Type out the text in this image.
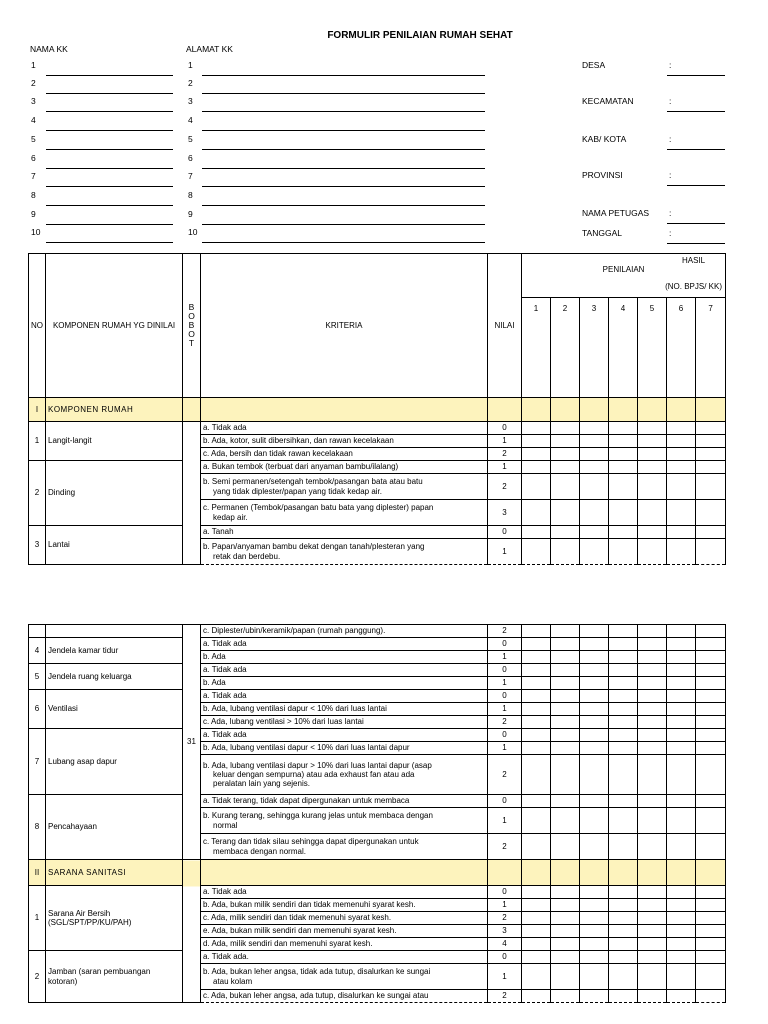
FORMULIR PENILAIAN RUMAH SEHAT
NAMA KK	ALAMAT KK
1	1
2	2
3	3
4	4
5	5
6	6
7	7
8	8
9	9
10	10
DESA	:
KECAMATAN	:
KAB/ KOTA	:
PROVINSI	:
NAMA PETUGAS :
TANGGAL	:
NO	KOMPONEN RUMAH YG DINILAI	BOBOT	KRITERIA	NILAI	HASIL PENILAIAN						
					(NO. BPJS/ KK)						
					1	2	3	4	5	6	7
I	KOMPONEN RUMAH										
1	Langit-langit		a. Tidak ada	0							

			b. Ada, kotor, sulit dibersihkan, dan rawan kecelakaan	1							

			c. Ada, bersih dan tidak rawan kecelakaan	2							
2	Dinding		a. Bukan tembok (terbuat dari anyaman bambu/ilalang)	1							

			b. Semi permanen/setengah tembok/pasangan bata atau batu
yang tidak diplester/papan yang tidak kedap air.	2							

			c. Permanen (Tembok/pasangan batu bata yang diplester) papan
kedap air.	3							
3	Lantai		a. Tanah	0							

			b. Papan/anyaman bambu dekat dengan tanah/plesteran yang
retak dan berdebu.	1							
		31	c. Diplester/ubin/keramik/papan (rumah panggung).	2							
4	Jendela kamar tidur		a. Tidak ada	0							

			b. Ada	1							
5	Jendela ruang keluarga		a. Tidak ada	0							

			b. Ada	1							
6	Ventilasi		a. Tidak ada	0							

			b. Ada, lubang ventilasi dapur < 10% dari luas lantai	1							

			c. Ada, lubang ventilasi > 10% dari luas lantai	2							
7	Lubang asap dapur		a. Tidak ada	0							

			b. Ada, lubang ventilasi dapur < 10% dari luas lantai dapur	1							

			b. Ada, lubang ventilasi dapur > 10% dari luas lantai dapur (asap
keluar dengan sempurna) atau ada exhaust fan atau ada
peralatan lain yang sejenis.	2							
8	Pencahayaan		a. Tidak terang, tidak dapat dipergunakan untuk membaca	0							

			b. Kurang terang, sehingga kurang jelas untuk membaca dengan
normal	1							

			c. Terang dan tidak silau sehingga dapat dipergunakan untuk
membaca dengan normal.	2							
II	SARANA SANITASI										
1	Sarana Air Bersih
(SGL/SPT/PP/KU/PAH)		a. Tidak ada	0							

			b. Ada, bukan milik sendiri dan tidak memenuhi syarat kesh.	1							

			c. Ada, milik sendiri dan tidak memenuhi syarat kesh.	2							

			e. Ada, bukan milik sendiri dan memenuhi syarat kesh.	3							

			d. Ada, milik sendiri dan memenuhi syarat kesh.	4							
2	Jamban (saran pembuangan
kotoran)		a. Tidak ada.	0							

			b. Ada, bukan leher angsa, tidak ada tutup, disalurkan ke sungai
atau kolam	1							

			c. Ada, bukan leher angsa, ada tutup, disalurkan ke sungai atau	2							
